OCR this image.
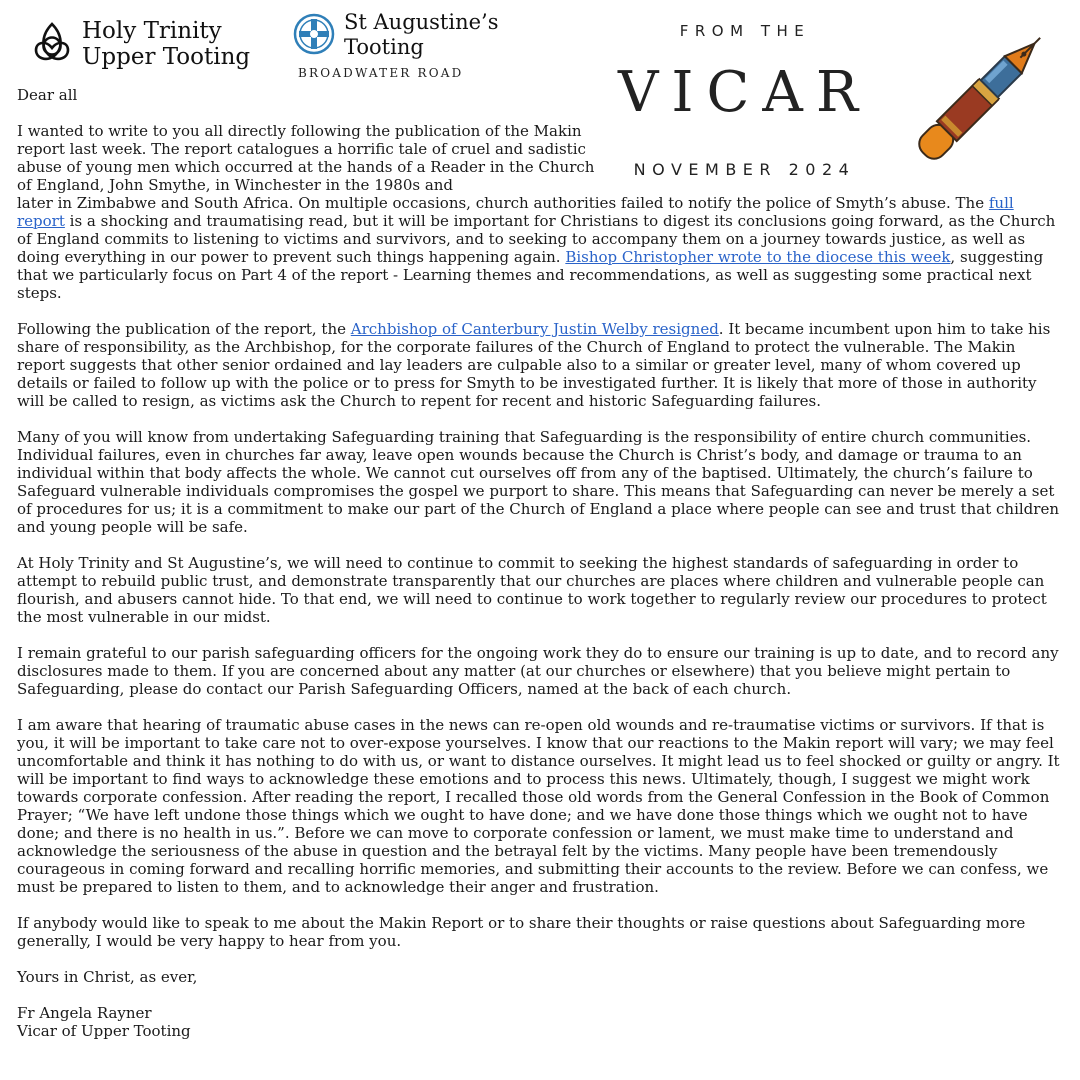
Holy Trinity
Upper Tooting
St Augustine’s
Tooting
BROADWATER ROAD
FROM THE
VICAR
NOVEMBER 2024

Dear all

I wanted to write to you all directly following the publication of the Makin report last week. The report catalogues a horrific tale of cruel and sadistic abuse of young men which occurred at the hands of a Reader in the Church of England, John Smythe, in Winchester in the 1980s and

later in Zimbabwe and South Africa. On multiple occasions, church authorities failed to notify the police of Smyth’s abuse. The full report is a shocking and traumatising read, but it will be important for Christians to digest its conclusions going forward, as the Church of England commits to listening to victims and survivors, and to seeking to accompany them on a journey towards justice, as well as doing everything in our power to prevent such things happening again. Bishop Christopher wrote to the diocese this week, suggesting that we particularly focus on Part 4 of the report - Learning themes and recommendations, as well as suggesting some practical next steps.

Following the publication of the report, the Archbishop of Canterbury Justin Welby resigned. It became incumbent upon him to take his share of responsibility, as the Archbishop, for the corporate failures of the Church of England to protect the vulnerable. The Makin report suggests that other senior ordained and lay leaders are culpable also to a similar or greater level, many of whom covered up details or failed to follow up with the police or to press for Smyth to be investigated further. It is likely that more of those in authority will be called to resign, as victims ask the Church to repent for recent and historic Safeguarding failures.

Many of you will know from undertaking Safeguarding training that Safeguarding is the responsibility of entire church communities. Individual failures, even in churches far away, leave open wounds because the Church is Christ’s body, and damage or trauma to an individual within that body affects the whole. We cannot cut ourselves off from any of the baptised. Ultimately, the church’s failure to Safeguard vulnerable individuals compromises the gospel we purport to share. This means that Safeguarding can never be merely a set of procedures for us; it is a commitment to make our part of the Church of England a place where people can see and trust that children and young people will be safe.

At Holy Trinity and St Augustine’s, we will need to continue to commit to seeking the highest standards of safeguarding in order to attempt to rebuild public trust, and demonstrate transparently that our churches are places where children and vulnerable people can flourish, and abusers cannot hide. To that end, we will need to continue to work together to regularly review our procedures to protect the most vulnerable in our midst.

I remain grateful to our parish safeguarding officers for the ongoing work they do to ensure our training is up to date, and to record any disclosures made to them. If you are concerned about any matter (at our churches or elsewhere) that you believe might pertain to Safeguarding, please do contact our Parish Safeguarding Officers, named at the back of each church.

I am aware that hearing of traumatic abuse cases in the news can re-open old wounds and re-traumatise victims or survivors. If that is you, it will be important to take care not to over-expose yourselves. I know that our reactions to the Makin report will vary; we may feel uncomfortable and think it has nothing to do with us, or want to distance ourselves. It might lead us to feel shocked or guilty or angry. It will be important to find ways to acknowledge these emotions and to process this news. Ultimately, though, I suggest we might work towards corporate confession. After reading the report, I recalled those old words from the General Confession in the Book of Common Prayer; “We have left undone those things which we ought to have done; and we have done those things which we ought not to have done; and there is no health in us.”. Before we can move to corporate confession or lament, we must make time to understand and acknowledge the seriousness of the abuse in question and the betrayal felt by the victims. Many people have been tremendously courageous in coming forward and recalling horrific memories, and submitting their accounts to the review. Before we can confess, we must be prepared to listen to them, and to acknowledge their anger and frustration.

If anybody would like to speak to me about the Makin Report or to share their thoughts or raise questions about Safeguarding more generally, I would be very happy to hear from you.

Yours in Christ, as ever,

Fr Angela Rayner

Vicar of Upper Tooting
